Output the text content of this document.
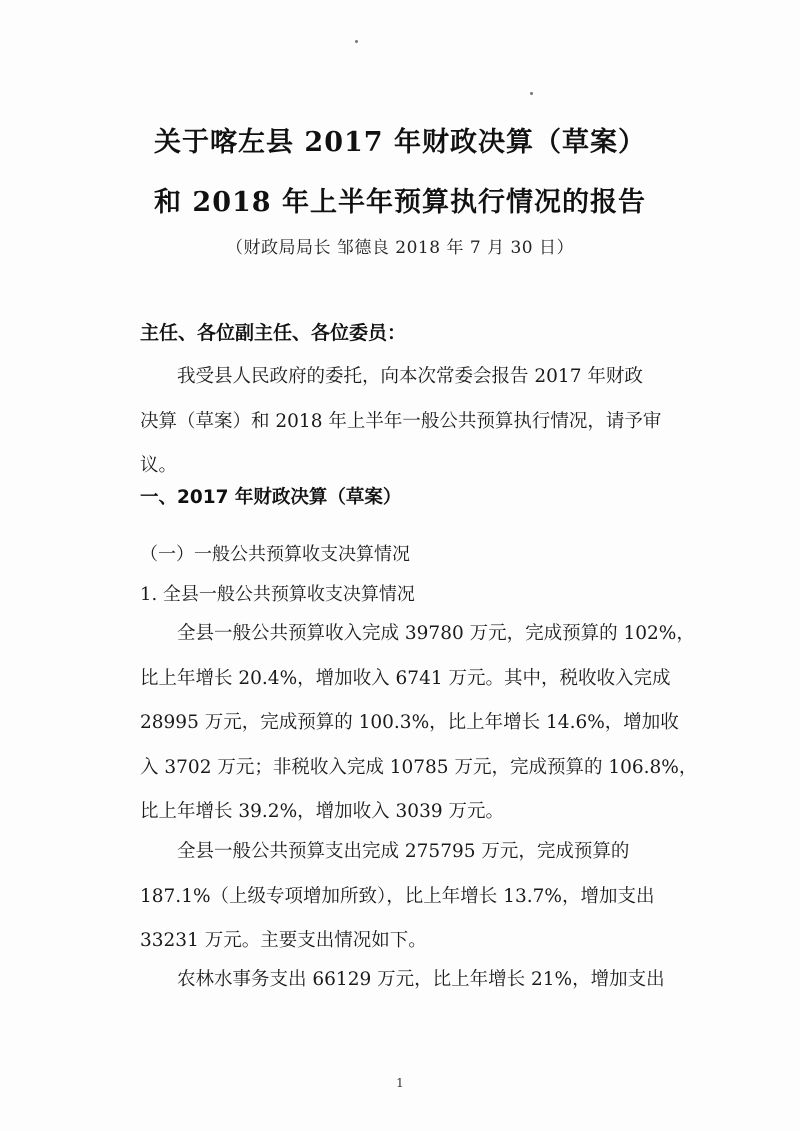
关于喀左县 2017 年财政决算（草案）
和 2018 年上半年预算执行情况的报告
（财政局局长 邹德良 2018 年 7 月 30 日）
主任、各位副主任、各位委员：
我受县人民政府的委托，向本次常委会报告 2017 年财政
决算（草案）和 2018 年上半年一般公共预算执行情况，请予审
议。
一、2017 年财政决算（草案）
（一）一般公共预算收支决算情况
1. 全县一般公共预算收支决算情况
全县一般公共预算收入完成 39780 万元，完成预算的 102%，
比上年增长 20.4%，增加收入 6741 万元。其中，税收收入完成
28995 万元，完成预算的 100.3%，比上年增长 14.6%，增加收
入 3702 万元；非税收入完成 10785 万元，完成预算的 106.8%，
比上年增长 39.2%，增加收入 3039 万元。
全县一般公共预算支出完成 275795 万元，完成预算的
187.1%（上级专项增加所致），比上年增长 13.7%，增加支出
33231 万元。主要支出情况如下。
农林水事务支出 66129 万元，比上年增长 21%，增加支出
1
